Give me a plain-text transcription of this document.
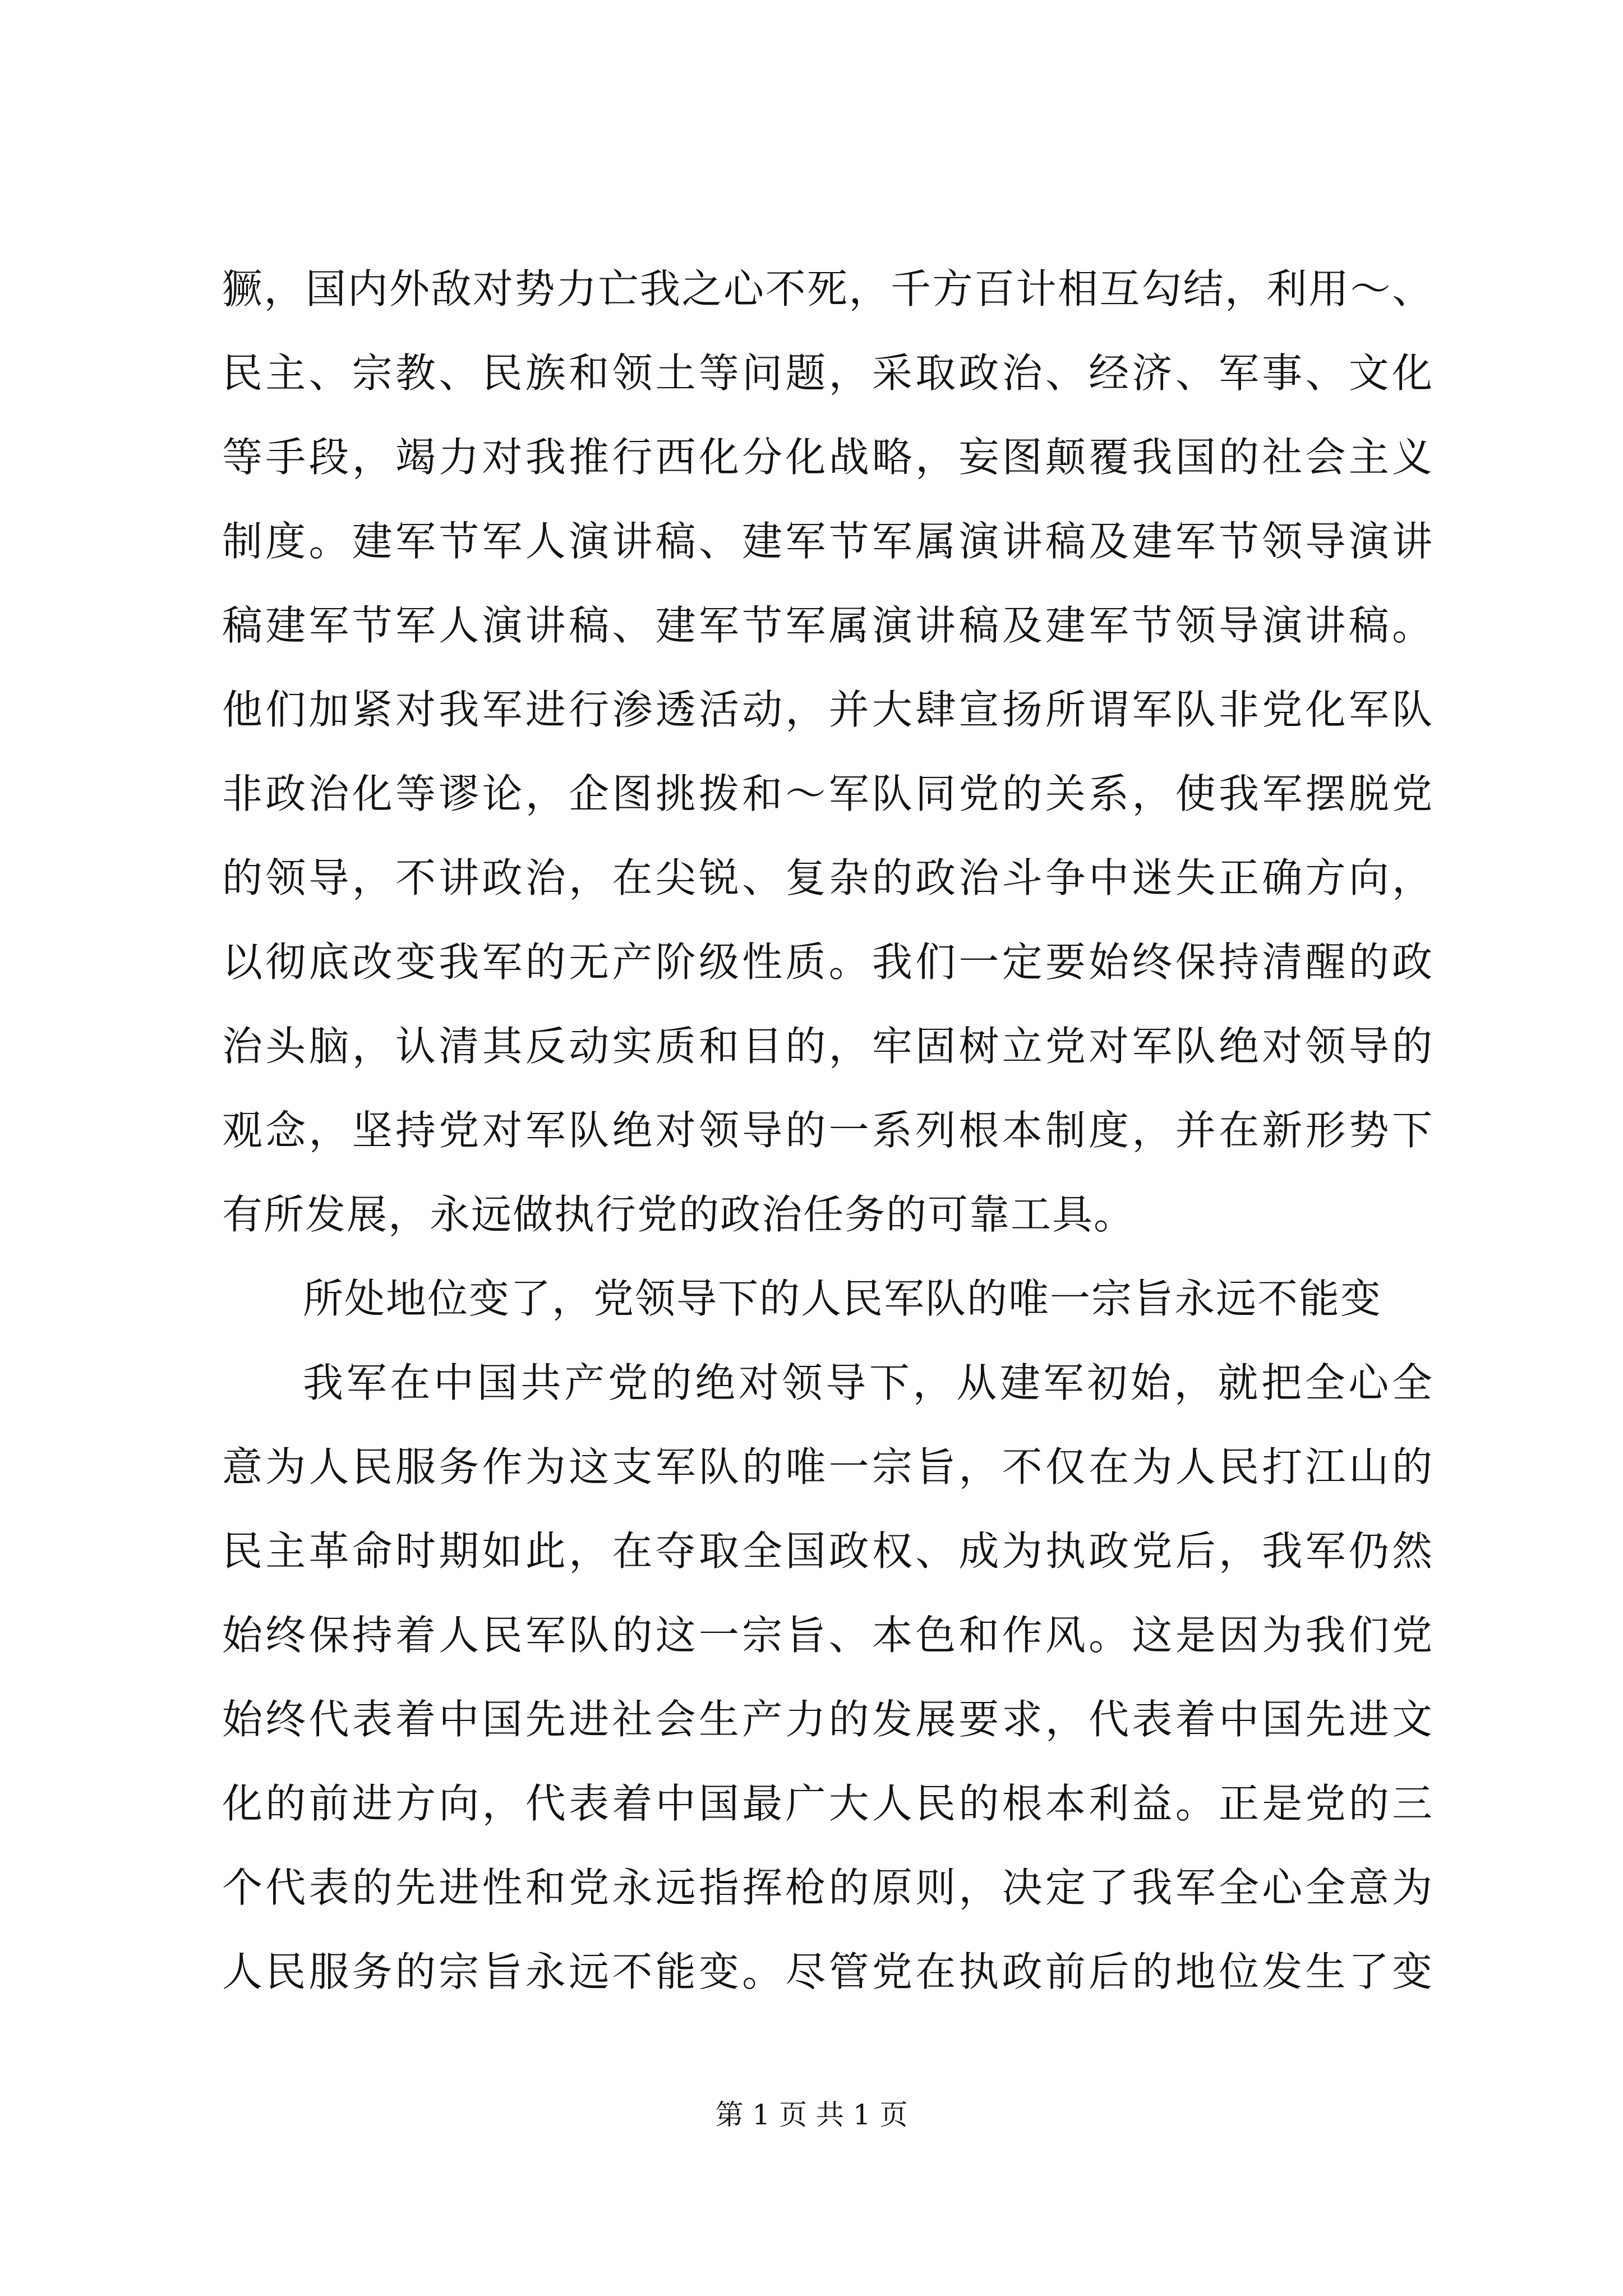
獗，国内外敌对势力亡我之心不死，千方百计相互勾结，利用～、
民主、宗教、民族和领土等问题，采取政治、经济、军事、文化
等手段，竭力对我推行西化分化战略，妄图颠覆我国的社会主义
制度。建军节军人演讲稿、建军节军属演讲稿及建军节领导演讲
稿建军节军人演讲稿、建军节军属演讲稿及建军节领导演讲稿。
他们加紧对我军进行渗透活动，并大肆宣扬所谓军队非党化军队
非政治化等谬论，企图挑拨和～军队同党的关系，使我军摆脱党
的领导，不讲政治，在尖锐、复杂的政治斗争中迷失正确方向，
以彻底改变我军的无产阶级性质。我们一定要始终保持清醒的政
治头脑，认清其反动实质和目的，牢固树立党对军队绝对领导的
观念，坚持党对军队绝对领导的一系列根本制度，并在新形势下
有所发展，永远做执行党的政治任务的可靠工具。
所处地位变了，党领导下的人民军队的唯一宗旨永远不能变
我军在中国共产党的绝对领导下，从建军初始，就把全心全
意为人民服务作为这支军队的唯一宗旨，不仅在为人民打江山的
民主革命时期如此，在夺取全国政权、成为执政党后，我军仍然
始终保持着人民军队的这一宗旨、本色和作风。这是因为我们党
始终代表着中国先进社会生产力的发展要求，代表着中国先进文
化的前进方向，代表着中国最广大人民的根本利益。正是党的三
个代表的先进性和党永远指挥枪的原则，决定了我军全心全意为
人民服务的宗旨永远不能变。尽管党在执政前后的地位发生了变
第 1 页 共 1 页
